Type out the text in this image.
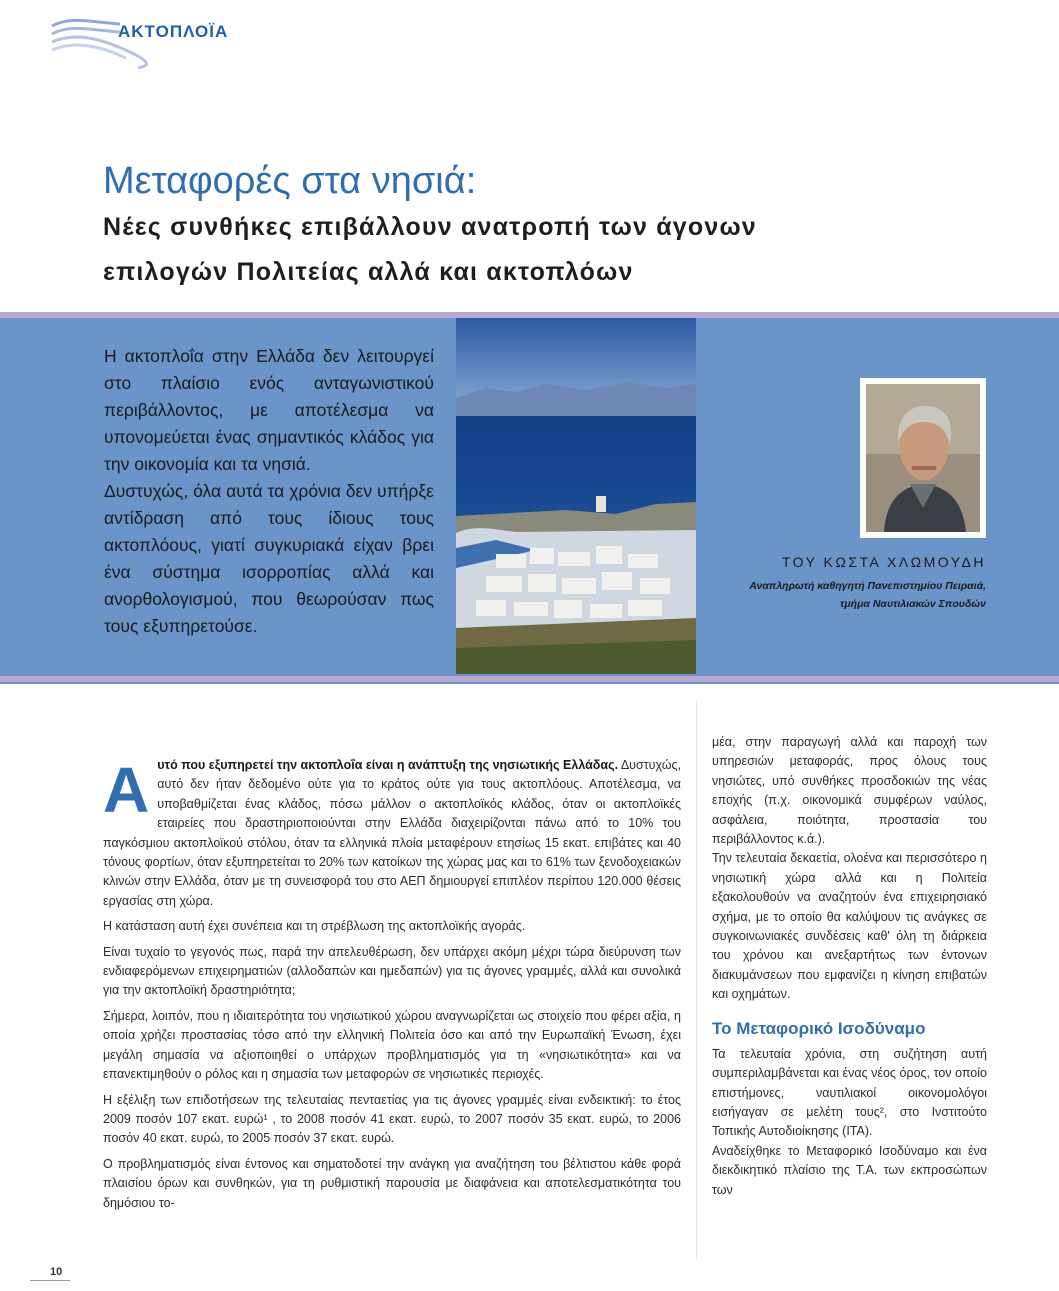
ΑΚΤΟΠΛΟΪΑ
Μεταφορές στα νησιά:
Νέες συνθήκες επιβάλλουν ανατροπή των άγονων
επιλογών Πολιτείας αλλά και ακτοπλόων

Η ακτοπλοΐα στην Ελλάδα δεν λειτουργεί στο πλαίσιο ενός ανταγωνιστικού περιβάλλοντος, με αποτέλεσμα να υπονομεύεται ένας σημαντικός κλάδος για την οικονομία και τα νησιά.

Δυστυχώς, όλα αυτά τα χρόνια δεν υπήρξε αντίδραση από τους ίδιους τους ακτοπλόους, γιατί συγκυριακά είχαν βρει ένα σύστημα ισορροπίας αλλά και ανορθολογισμού, που θεωρούσαν πως τους εξυπηρετούσε.

ΤΟΥ ΚΩΣΤΑ ΧΛΩΜΟΥΔΗ
Αναπληρωτή καθηγητή Πανεπιστημίου Πειραιά,
τμήμα Ναυτιλιακών Σπουδών

Αυτό που εξυπηρετεί την ακτοπλοΐα είναι η ανάπτυξη της νησιωτικής Ελλάδας. Δυστυχώς, αυτό δεν ήταν δεδομένο ούτε για το κράτος ούτε για τους ακτοπλόους. Αποτέλεσμα, να υποβαθμίζεται ένας κλάδος, πόσω μάλλον ο ακτοπλοϊκός κλάδος, όταν οι ακτοπλοϊκές εταιρείες που δραστηριοποιούνται στην Ελλάδα διαχειρίζονται πάνω από το 10% του παγκόσμιου ακτοπλοϊκού στόλου, όταν τα ελληνικά πλοία μεταφέρουν ετησίως 15 εκατ. επιβάτες και 40 τόνους φορτίων, όταν εξυπηρετείται το 20% των κατοίκων της χώρας μας και το 61% των ξενοδοχειακών κλινών στην Ελλάδα, όταν με τη συνεισφορά του στο ΑΕΠ δημιουργεί επιπλέον περίπου 120.000 θέσεις εργασίας στη χώρα.

Η κατάσταση αυτή έχει συνέπεια και τη στρέβλωση της ακτοπλοϊκής αγοράς.

Είναι τυχαίο το γεγονός πως, παρά την απελευθέρωση, δεν υπάρχει ακόμη μέχρι τώρα διεύρυνση των ενδιαφερόμενων επιχειρηματιών (αλλοδαπών και ημεδαπών) για τις άγονες γραμμές, αλλά και συνολικά για την ακτοπλοϊκή δραστηριότητα;

Σήμερα, λοιπόν, που η ιδιαιτερότητα του νησιωτικού χώρου αναγνωρίζεται ως στοιχείο που φέρει αξία, η οποία χρήζει προστασίας τόσο από την ελληνική Πολιτεία όσο και από την Ευρωπαϊκή Ένωση, έχει μεγάλη σημασία να αξιοποιηθεί ο υπάρχων προβληματισμός για τη «νησιωτικότητα» και να επανεκτιμηθούν ο ρόλος και η σημασία των μεταφορών σε νησιωτικές περιοχές.

Η εξέλιξη των επιδοτήσεων της τελευταίας πενταετίας για τις άγονες γραμμές είναι ενδεικτική: το έτος 2009 ποσόν 107 εκατ. ευρώ¹ , το 2008 ποσόν 41 εκατ. ευρώ, το 2007 ποσόν 35 εκατ. ευρώ, το 2006 ποσόν 40 εκατ. ευρώ, το 2005 ποσόν 37 εκατ. ευρώ.

Ο προβληματισμός είναι έντονος και σηματοδοτεί την ανάγκη για αναζήτηση του βέλτιστου κάθε φορά πλαισίου όρων και συνθηκών, για τη ρυθμιστική παρουσία με διαφάνεια και αποτελεσματικότητα του δημόσιου το-

μέα, στην παραγωγή αλλά και παροχή των υπηρεσιών μεταφοράς, προς όλους τους νησιώτες, υπό συνθήκες προσδοκιών της νέας εποχής (π.χ. οικονομικά συμφέρων ναύλος, ασφάλεια, ποιότητα, προστασία του περιβάλλοντος κ.ά.).

Την τελευταία δεκαετία, ολοένα και περισσότερο η νησιωτική χώρα αλλά και η Πολιτεία εξακολουθούν να αναζητούν ένα επιχειρησιακό σχήμα, με το οποίο θα καλύψουν τις ανάγκες σε συγκοινωνιακές συνδέσεις καθ' όλη τη διάρκεια του χρόνου και ανεξαρτήτως των έντονων διακυμάνσεων που εμφανίζει η κίνηση επιβατών και οχημάτων.

Το Μεταφορικό Ισοδύναμο

Τα τελευταία χρόνια, στη συζήτηση αυτή συμπεριλαμβάνεται και ένας νέος όρος, τον οποίο επιστήμονες, ναυτιλιακοί οικονομολόγοι εισήγαγαν σε μελέτη τους², στο Ινστιτούτο Τοπικής Αυτοδιοίκησης (ΙΤΑ).

Αναδείχθηκε το Μεταφορικό Ισοδύναμο και ένα διεκδικητικό πλαίσιο της Τ.Α. των εκπροσώπων των

10
